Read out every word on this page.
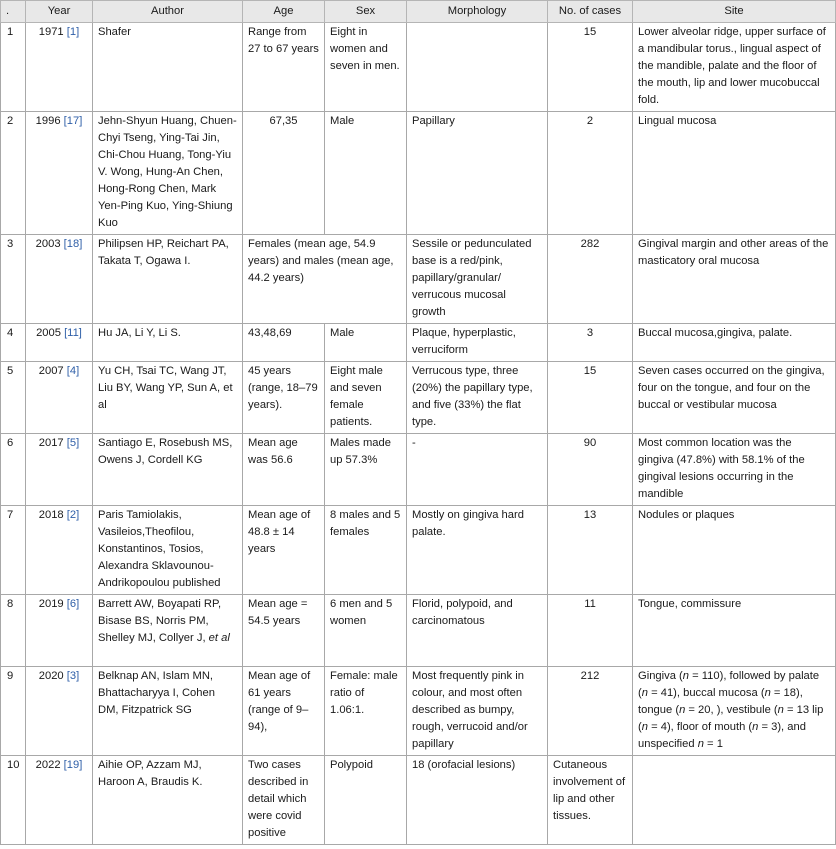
.	Year	Author	Age	Sex	Morphology	No. of cases	Site
1	1971 [1]	Shafer	Range from 27 to 67 years	Eight in women and seven in men.		15	Lower alveolar ridge, upper surface of a mandibular torus., lingual aspect of the mandible, palate and the floor of the mouth, lip and lower mucobuccal fold.
2	1996 [17]	Jehn-Shyun Huang, Chuen-Chyi Tseng, Ying-Tai Jin, Chi-Chou Huang, Tong-Yiu V. Wong, Hung-An Chen, Hong-Rong Chen, Mark Yen-Ping Kuo, Ying-Shiung Kuo	67,35	Male	Papillary	2	Lingual mucosa
3	2003 [18]	Philipsen HP, Reichart PA, Takata T, Ogawa I.	Females (mean age, 54.9 years) and males (mean age, 44.2 years)		Sessile or pedunculated base is a red/pink, papillary/granular/ verrucous mucosal growth	282	Gingival margin and other areas of the masticatory oral mucosa
4	2005 [11]	Hu JA, Li Y, Li S.	43,48,69	Male	Plaque, hyperplastic, verruciform	3	Buccal mucosa,gingiva, palate.
5	2007 [4]	Yu CH, Tsai TC, Wang JT, Liu BY, Wang YP, Sun A, et al	45 years (range, 18–79 years).	Eight male and seven female patients.	Verrucous type, three (20%) the papillary type, and five (33%) the flat type.	15	Seven cases occurred on the gingiva, four on the tongue, and four on the buccal or vestibular mucosa
6	2017 [5]	Santiago E, Rosebush MS, Owens J, Cordell KG	Mean age was 56.6	Males made up 57.3%	-	90	Most common location was the gingiva (47.8%) with 58.1% of the gingival lesions occurring in the mandible
7	2018 [2]	Paris Tamiolakis, Vasileios,Theofilou, Konstantinos, Tosios, Alexandra Sklavounou-Andrikopoulou published	Mean age of 48.8 ± 14 years	8 males and 5 females	Mostly on gingiva hard palate.	13	Nodules or plaques
8	2019 [6]	Barrett AW, Boyapati RP, Bisase BS, Norris PM, Shelley MJ, Collyer J, et al	Mean age = 54.5 years	6 men and 5 women	Florid, polypoid, and carcinomatous	11	Tongue, commissure
9	2020 [3]	Belknap AN, Islam MN, Bhattacharyya I, Cohen DM, Fitzpatrick SG	Mean age of 61 years (range of 9–94),	Female: male ratio of 1.06:1.	Most frequently pink in colour, and most often described as bumpy, rough, verrucoid and/or papillary	212	Gingiva (n = 110), followed by palate (n = 41), buccal mucosa (n = 18), tongue (n = 20, ), vestibule (n = 13 lip (n = 4), floor of mouth (n = 3), and unspecified n = 1
10	2022 [19]	Aihie OP, Azzam MJ, Haroon A, Braudis K.	Two cases described in detail which were covid positive	Polypoid	18 (orofacial lesions)	Cutaneous involvement of lip and other tissues.	
